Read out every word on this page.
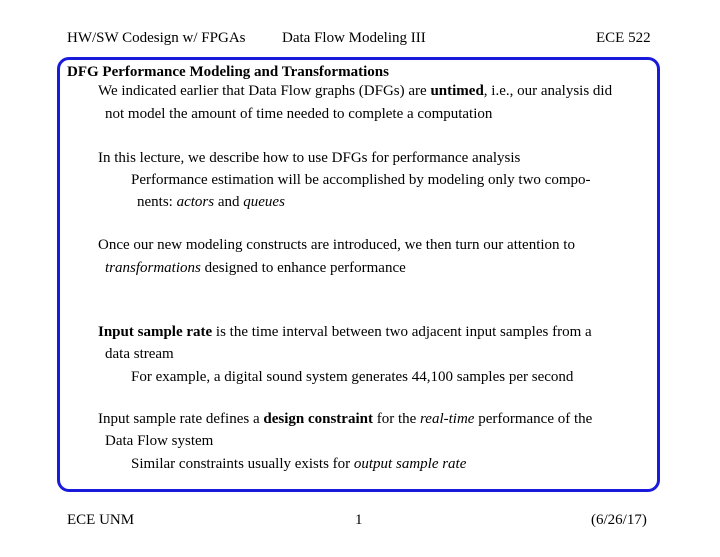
HW/SW Codesign w/ FPGAs Data Flow Modeling III	ECE 522
DFG Performance Modeling and Transformations
We indicated earlier that Data Flow graphs (DFGs) are untimed, i.e., our analysis did
not model the amount of time needed to complete a computation
In this lecture, we describe how to use DFGs for performance analysis
Performance estimation will be accomplished by modeling only two compo-
nents: actors and queues
Once our new modeling constructs are introduced, we then turn our attention to
transformations designed to enhance performance
Input sample rate is the time interval between two adjacent input samples from a
data stream
For example, a digital sound system generates 44,100 samples per second
Input sample rate defines a design constraint for the real-time performance of the
Data Flow system
Similar constraints usually exists for output sample rate
ECE UNM	1	(6/26/17)
